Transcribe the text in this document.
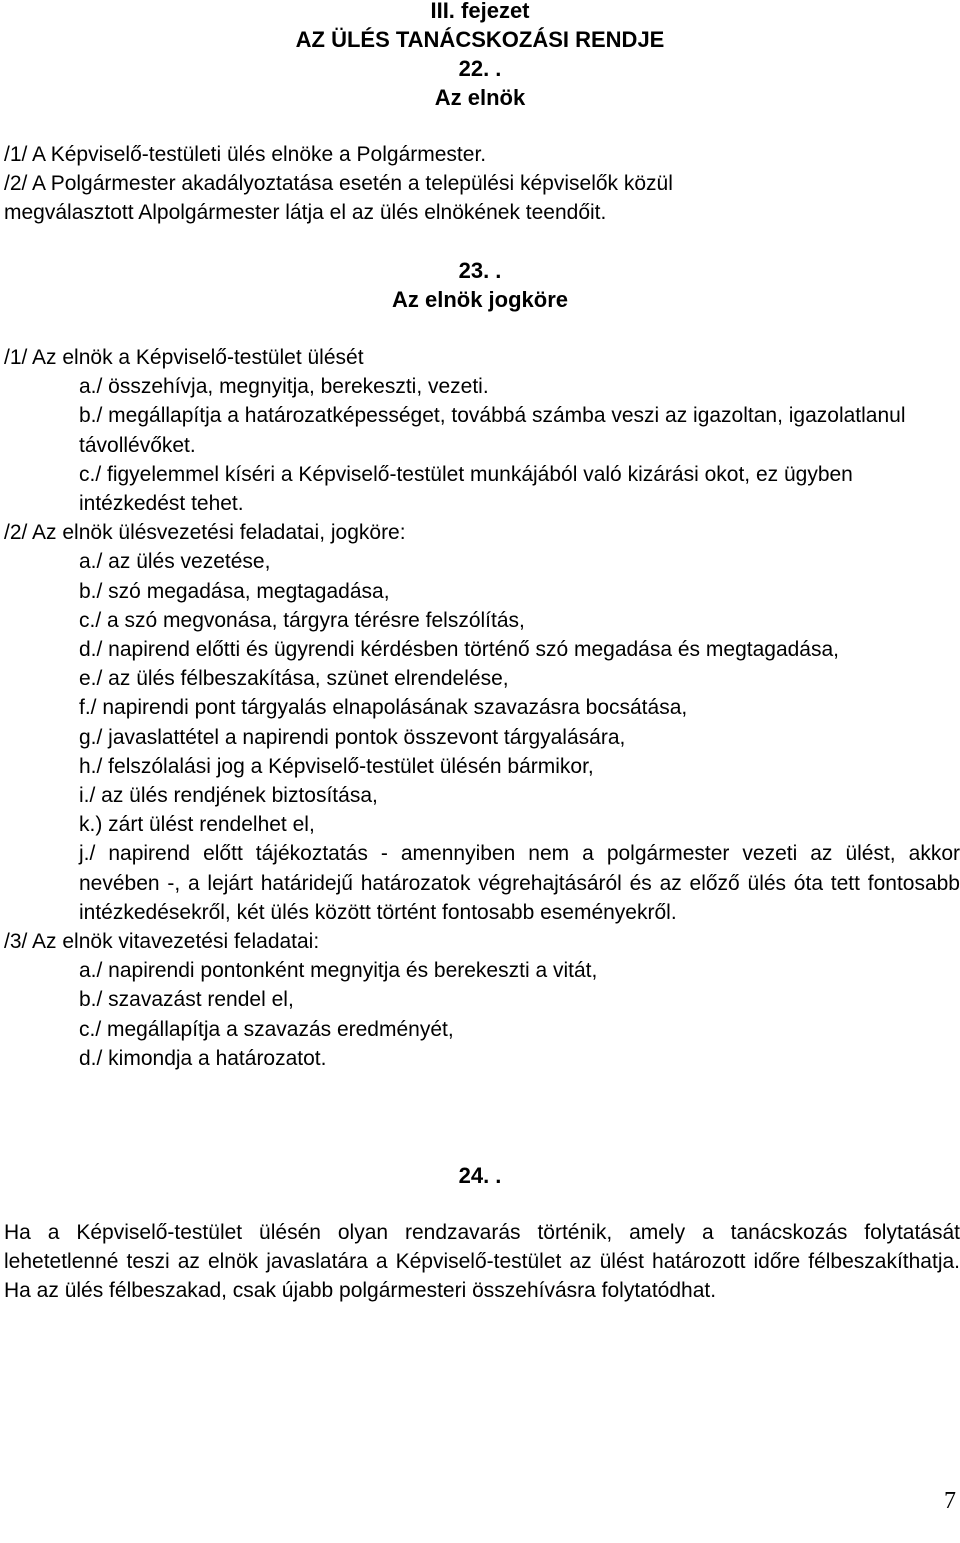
III. fejezet
AZ ÜLÉS TANÁCSKOZÁSI RENDJE
22. .
Az elnök
/1/ A Képviselő-testületi ülés elnöke a Polgármester.
/2/ A Polgármester akadályoztatása esetén a települési képviselők közül
megválasztott Alpolgármester látja el az ülés elnökének teendőit.
23. .
Az elnök jogköre
/1/ Az elnök a Képviselő-testület ülését
a./ összehívja, megnyitja, berekeszti, vezeti.
b./ megállapítja a határozatképességet, továbbá számba veszi az igazoltan, igazolatlanul távollévőket.
c./ figyelemmel kíséri a Képviselő-testület munkájából való kizárási okot, ez ügyben intézkedést tehet.
/2/ Az elnök ülésvezetési feladatai, jogköre:
a./ az ülés vezetése,
b./ szó megadása, megtagadása,
c./ a szó megvonása, tárgyra térésre felszólítás,
d./ napirend előtti és ügyrendi kérdésben történő szó megadása és megtagadása,
e./ az ülés félbeszakítása, szünet elrendelése,
f./ napirendi pont tárgyalás elnapolásának szavazásra bocsátása,
g./ javaslattétel a napirendi pontok összevont tárgyalására,
h./ felszólalási jog a Képviselő-testület ülésén bármikor,
i./ az ülés rendjének biztosítása,
k.) zárt ülést rendelhet el,
j./ napirend előtt tájékoztatás - amennyiben nem a polgármester vezeti az ülést, akkor nevében -, a lejárt határidejű határozatok végrehajtásáról és az előző ülés óta tett fontosabb intézkedésekről, két ülés között történt fontosabb eseményekről.
/3/ Az elnök vitavezetési feladatai:
a./ napirendi pontonként megnyitja és berekeszti a vitát,
b./ szavazást rendel el,
c./ megállapítja a szavazás eredményét,
d./ kimondja a határozatot.
24. .
Ha a Képviselő-testület ülésén olyan rendzavarás történik, amely a tanácskozás folytatását lehetetlenné teszi az elnök javaslatára a Képviselő-testület az ülést határozott időre félbeszakíthatja. Ha az ülés félbeszakad, csak újabb polgármesteri összehívásra folytatódhat.
7
